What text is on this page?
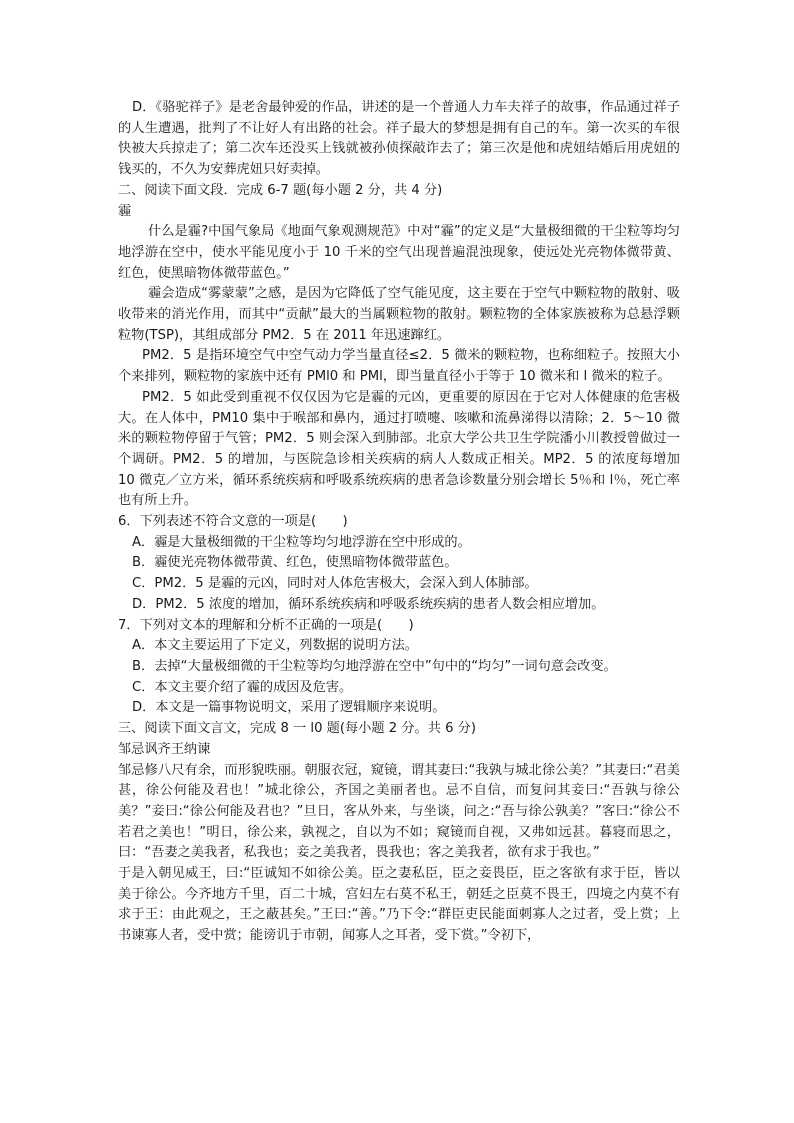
D．《骆驼祥子》是老舍最钟爱的作品，讲述的是一个普通人力车夫祥子的故事，作品通过祥子的人生遭遇，批判了不让好人有出路的社会。祥子最大的梦想是拥有自己的车。第一次买的车很快被大兵掠走了；第二次车还没买上钱就被孙侦探敲诈去了；第三次是他和虎妞结婚后用虎妞的钱买的，不久为安葬虎妞只好卖掉。

二、阅读下面文段．完成 6-7 题(每小题 2 分，共 4 分)

霾

什么是霾?中国气象局《地面气象观测规范》中对“霾”的定义是“大量极细微的干尘粒等均匀地浮游在空中，使水平能见度小于 10 千米的空气出现普遍混浊现象，使远处光亮物体微带黄、红色，使黑暗物体微带蓝色。”

霾会造成“雾蒙蒙”之感，是因为它降低了空气能见度，这主要在于空气中颗粒物的散射、吸收带来的消光作用，而其中“贡献”最大的当属颗粒物的散射。颗粒物的全体家族被称为总悬浮颗粒物(TSP)，其组成部分 PM2．5 在 2011 年迅速蹿红。

PM2．5 是指环境空气中空气动力学当量直径≤2．5 微米的颗粒物，也称细粒子。按照大小个来排列，颗粒物的家族中还有 PMl0 和 PMl，即当量直径小于等于 10 微米和 l 微米的粒子。

PM2．5 如此受到重视不仅仅因为它是霾的元凶，更重要的原因在于它对人体健康的危害极大。在人体中，PM10 集中于喉部和鼻内，通过打喷嚏、咳嗽和流鼻涕得以清除；2．5～10 微米的颗粒物停留于气管；PM2．5 则会深入到肺部。北京大学公共卫生学院潘小川教授曾做过一个调研。PM2．5 的增加，与医院急诊相关疾病的病人人数成正相关。MP2．5 的浓度每增加 10 微克／立方米，循环系统疾病和呼吸系统疾病的患者急诊数量分别会增长 5％和 l％，死亡率也有所上升。

6．下列表述不符合文意的一项是(　　)

A．霾是大量极细微的干尘粒等均匀地浮游在空中形成的。

B．霾使光亮物体微带黄、红色，使黑暗物体微带蓝色。

C．PM2．5 是霾的元凶，同时对人体危害极大，会深入到人体肺部。

D．PM2．5 浓度的增加，循环系统疾病和呼吸系统疾病的患者人数会相应增加。

7．下列对文本的理解和分析不正确的一项是(　　)

A．本文主要运用了下定义，列数据的说明方法。

B．去掉“大量极细微的干尘粒等均匀地浮游在空中”句中的“均匀”一词句意会改变。

C．本文主要介绍了霾的成因及危害。

D．本文是一篇事物说明文，采用了逻辑顺序来说明。

三、阅读下面文言文，完成 8 一 l0 题(每小题 2 分。共 6 分)

邹忌讽齐王纳谏

邹忌修八尺有余，而形貌昳丽。朝服衣冠，窥镜，谓其妻曰:“我孰与城北徐公美？”其妻曰:“君美甚，徐公何能及君也！”城北徐公，齐国之美丽者也。忌不自信，而复问其妾曰:“吾孰与徐公美？”妾曰:“徐公何能及君也？”旦日，客从外来，与坐谈，问之:“吾与徐公孰美？”客曰:“徐公不若君之美也！”明日，徐公来，孰视之，自以为不如；窥镜而自视，又弗如远甚。暮寝而思之，曰：“吾妻之美我者，私我也；妾之美我者，畏我也；客之美我者，欲有求于我也。”

于是入朝见威王，曰:“臣诚知不如徐公美。臣之妻私臣，臣之妾畏臣，臣之客欲有求于臣，皆以美于徐公。今齐地方千里，百二十城，宫妇左右莫不私王，朝廷之臣莫不畏王，四境之内莫不有求于王：由此观之，王之蔽甚矣。”王曰:“善。”乃下令:“群臣吏民能面刺寡人之过者，受上赏；上书谏寡人者，受中赏；能谤讥于市朝，闻寡人之耳者，受下赏。”令初下，
